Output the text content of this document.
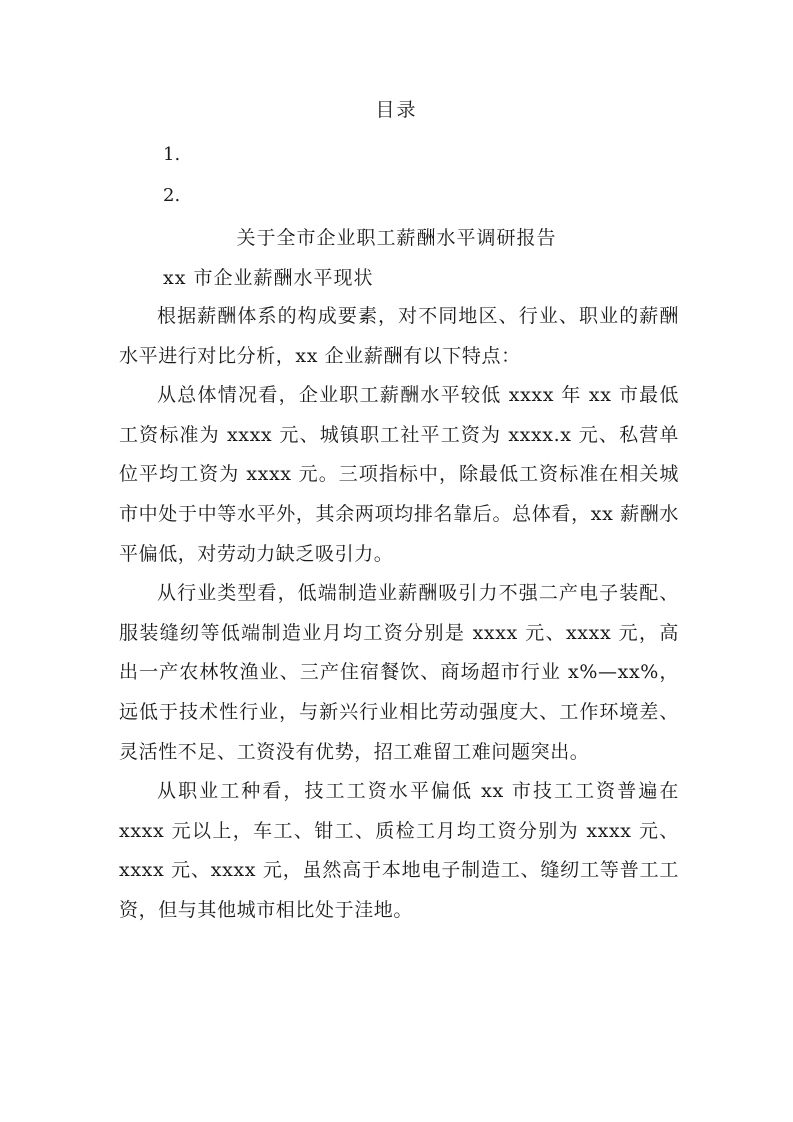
目录
1.
2.
关于全市企业职工薪酬水平调研报告
xx 市企业薪酬水平现状

根据薪酬体系的构成要素，对不同地区、行业、职业的薪酬水平进行对比分析，xx 企业薪酬有以下特点：

从总体情况看，企业职工薪酬水平较低 xxxx 年 xx 市最低工资标准为 xxxx 元、城镇职工社平工资为 xxxx.x 元、私营单位平均工资为 xxxx 元。三项指标中，除最低工资标准在相关城市中处于中等水平外，其余两项均排名靠后。总体看，xx 薪酬水平偏低，对劳动力缺乏吸引力。

从行业类型看，低端制造业薪酬吸引力不强二产电子装配、服装缝纫等低端制造业月均工资分别是 xxxx 元、xxxx 元，高出一产农林牧渔业、三产住宿餐饮、商场超市行业 x%—xx%，远低于技术性行业，与新兴行业相比劳动强度大、工作环境差、灵活性不足、工资没有优势，招工难留工难问题突出。

从职业工种看，技工工资水平偏低 xx 市技工工资普遍在 xxxx 元以上，车工、钳工、质检工月均工资分别为 xxxx 元、xxxx 元、xxxx 元，虽然高于本地电子制造工、缝纫工等普工工资，但与其他城市相比处于洼地。
